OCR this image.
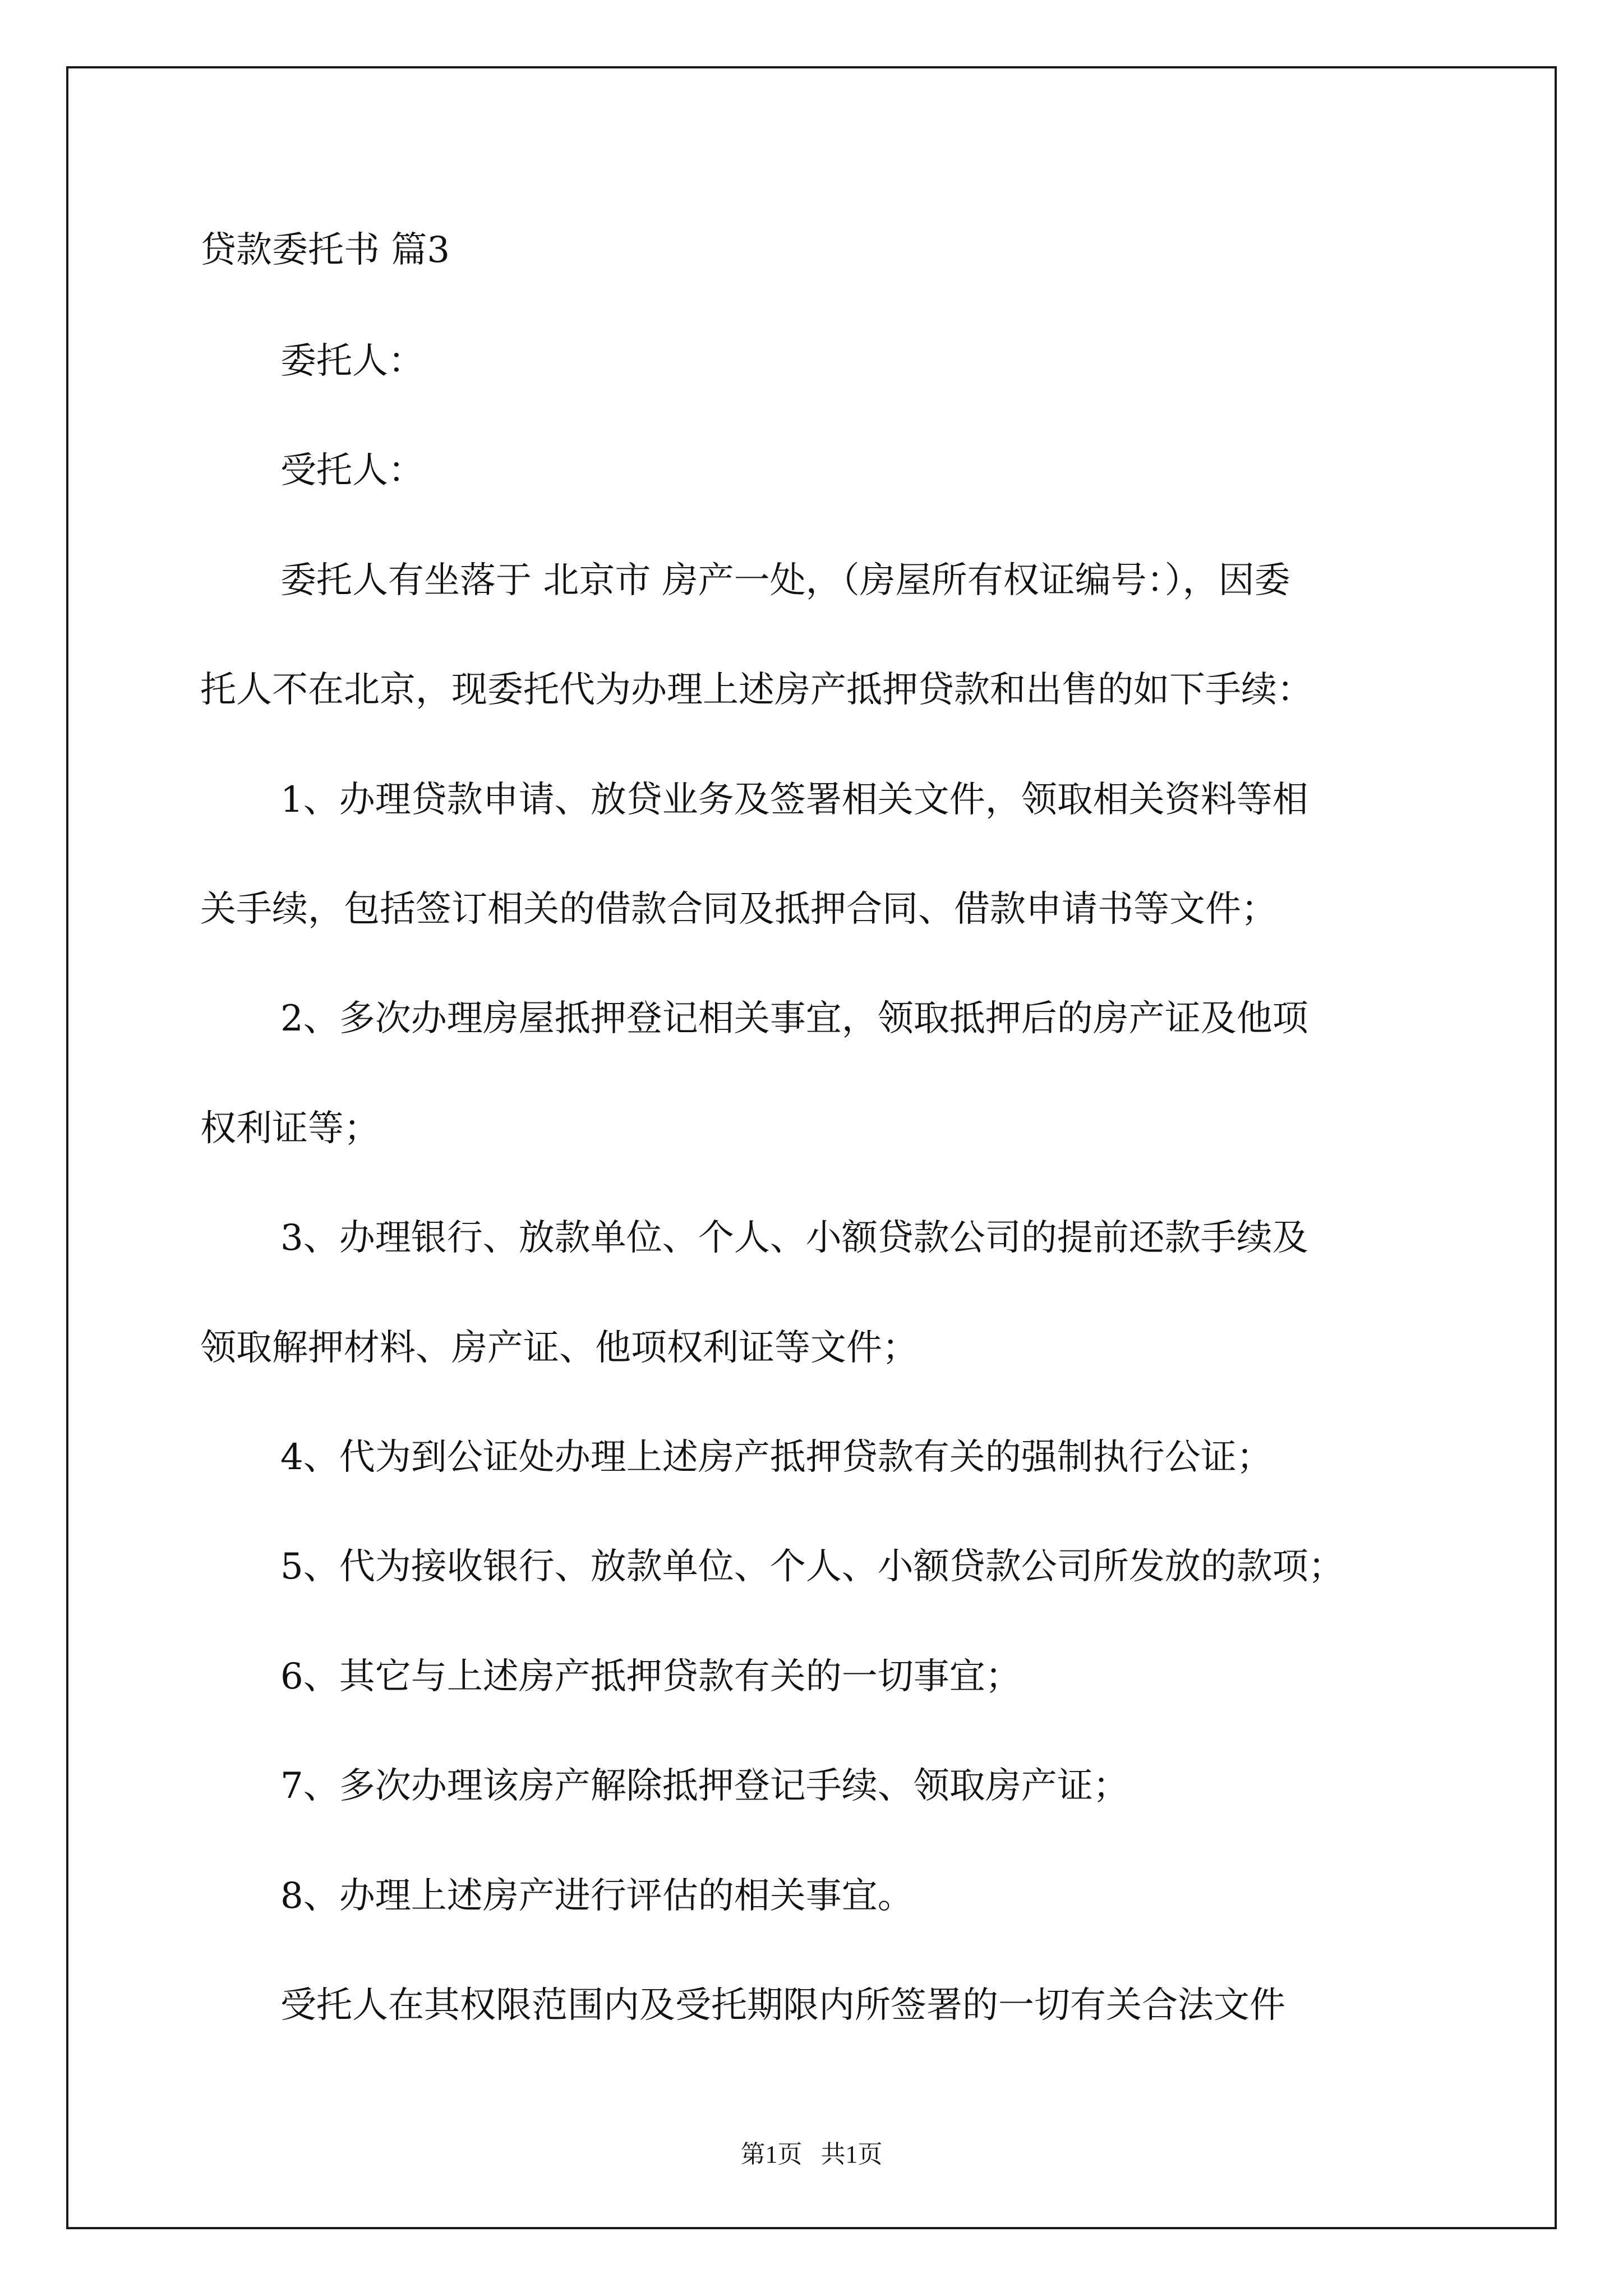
贷款委托书 篇3
委托人：
受托人：
委托人有坐落于 北京市 房产一处，（房屋所有权证编号：），因委
托人不在北京，现委托代为办理上述房产抵押贷款和出售的如下手续：
1、办理贷款申请、放贷业务及签署相关文件，领取相关资料等相
关手续，包括签订相关的借款合同及抵押合同、借款申请书等文件；
2、多次办理房屋抵押登记相关事宜，领取抵押后的房产证及他项
权利证等；
3、办理银行、放款单位、个人、小额贷款公司的提前还款手续及
领取解押材料、房产证、他项权利证等文件；
4、代为到公证处办理上述房产抵押贷款有关的强制执行公证；
5、代为接收银行、放款单位、个人、小额贷款公司所发放的款项；
6、其它与上述房产抵押贷款有关的一切事宜；
7、多次办理该房产解除抵押登记手续、领取房产证；
8、办理上述房产进行评估的相关事宜。
受托人在其权限范围内及受托期限内所签署的一切有关合法文件
第1页   共1页
